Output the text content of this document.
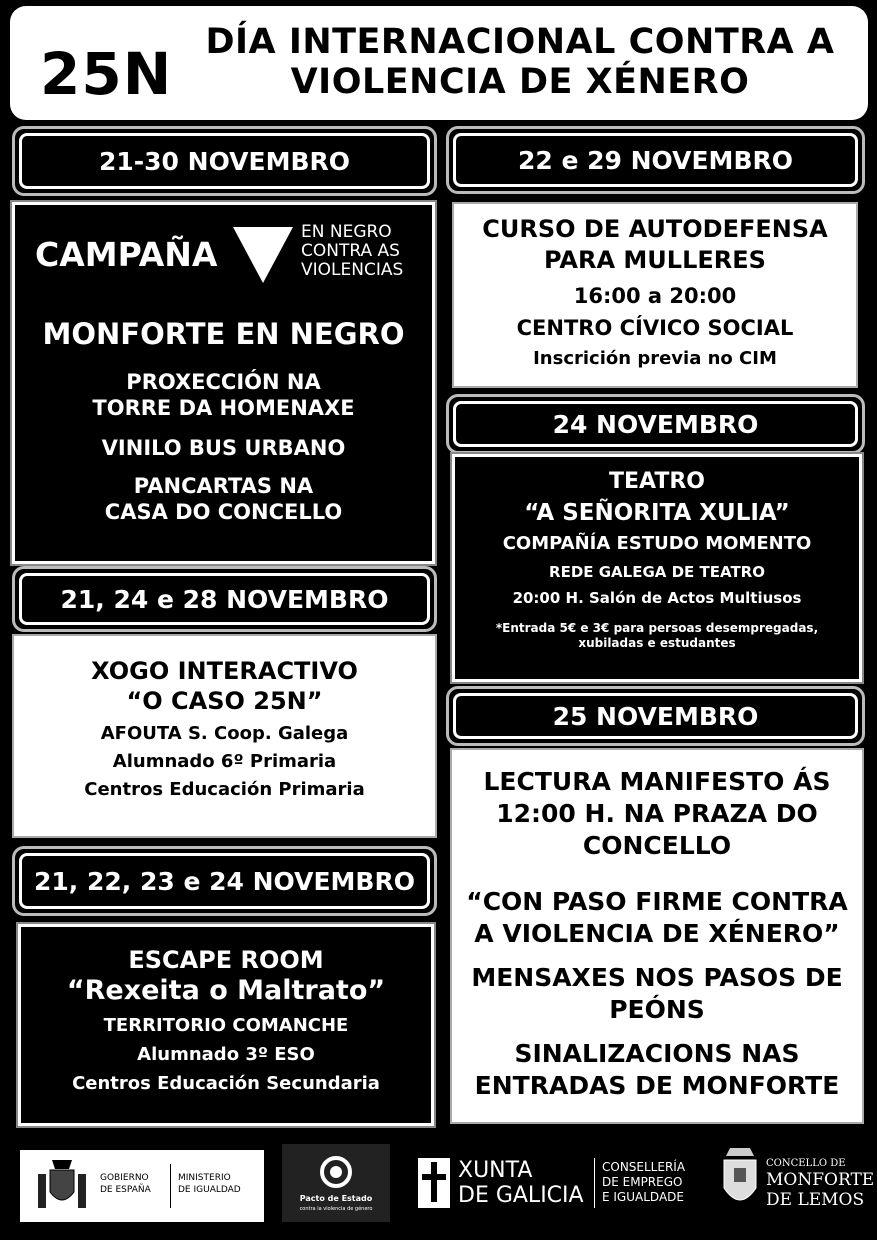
25N DÍA INTERNACIONAL CONTRA A
VIOLENCIA DE XÉNERO
21-30 NOVEMBRO
CAMPAÑA
EN NEGRO
CONTRA AS
VIOLENCIAS
MONFORTE EN NEGRO
PROXECCIÓN NA
TORRE DA HOMENAXE
VINILO BUS URBANO
PANCARTAS NA
CASA DO CONCELLO
21, 24 e 28 NOVEMBRO
XOGO INTERACTIVO
“O CASO 25N”
AFOUTA S. Coop. Galega
Alumnado 6º Primaria
Centros Educación Primaria
21, 22, 23 e 24 NOVEMBRO
ESCAPE ROOM
“Rexeita o Maltrato”
TERRITORIO COMANCHE
Alumnado 3º ESO
Centros Educación Secundaria
22 e 29 NOVEMBRO
CURSO DE AUTODEFENSA
PARA MULLERES
16:00 a 20:00
CENTRO CÍVICO SOCIAL
Inscrición previa no CIM
24 NOVEMBRO
TEATRO
“A SEÑORITA XULIA”
COMPAÑÍA ESTUDO MOMENTO
REDE GALEGA DE TEATRO
20:00 H. Salón de Actos Multiusos
*Entrada 5€ e 3€ para persoas desempregadas,
xubiladas e estudantes
25 NOVEMBRO
LECTURA MANIFESTO ÁS
12:00 H. NA PRAZA DO
CONCELLO
“CON PASO FIRME CONTRA
A VIOLENCIA DE XÉNERO”
MENSAXES NOS PASOS DE
PEÓNS
SINALIZACIONS NAS
ENTRADAS DE MONFORTE
GOBIERNO
DE ESPAÑA
MINISTERIO
DE IGUALDAD
Pacto de Estado
contra la violencia de género
XUNTA
DE GALICIA
CONSELLERÍA
DE EMPREGO
E IGUALDADE
CONCELLO DE
MONFORTE
DE LEMOS
